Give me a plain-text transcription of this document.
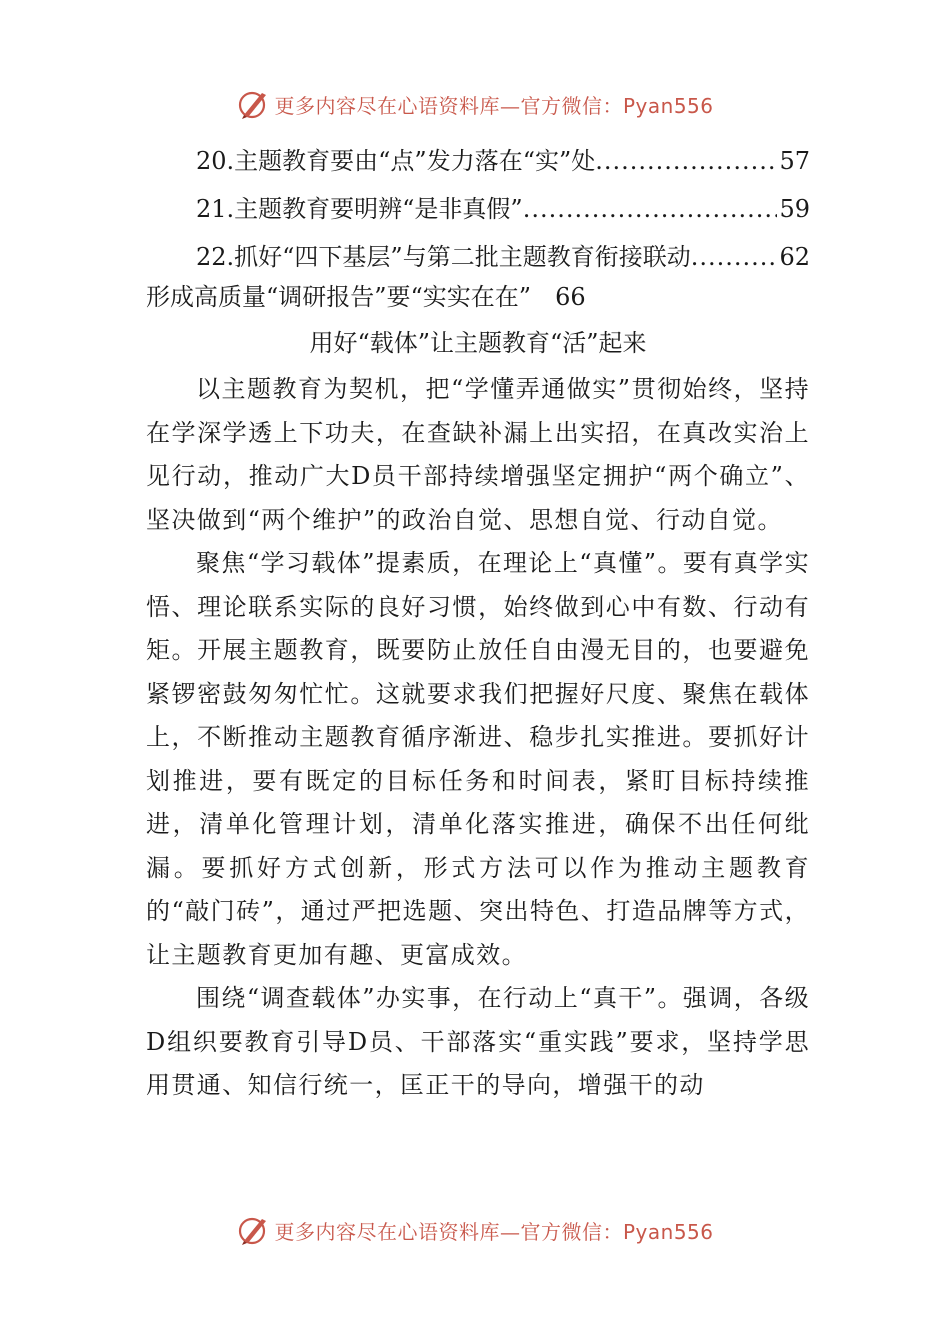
更多内容尽在心语资料库—官方微信：Pyan556
20.主题教育要由“点”发力落在“实”处 .....	57
21.主题教育要明辨“是非真假” .....	59
22.抓好“四下基层”与第二批主题教育衔接联动 .....	62
形成高质量“调研报告”要“实实在在”　66
用好“载体”让主题教育“活”起来

以主题教育为契机，把“学懂弄通做实”贯彻始终，坚持在学深学透上下功夫，在查缺补漏上出实招，在真改实治上见行动，推动广大D员干部持续增强坚定拥护“两个确立”、坚决做到“两个维护”的政治自觉、思想自觉、行动自觉。

聚焦“学习载体”提素质，在理论上“真懂”。要有真学实悟、理论联系实际的良好习惯，始终做到心中有数、行动有矩。开展主题教育，既要防止放任自由漫无目的，也要避免紧锣密鼓匆匆忙忙。这就要求我们把握好尺度、聚焦在载体上，不断推动主题教育循序渐进、稳步扎实推进。要抓好计划推进，要有既定的目标任务和时间表，紧盯目标持续推进，清单化管理计划，清单化落实推进，确保不出任何纰漏。要抓好方式创新，形式方法可以作为推动主题教育的“敲门砖”，通过严把选题、突出特色、打造品牌等方式，让主题教育更加有趣、更富成效。

围绕“调查载体”办实事，在行动上“真干”。强调，各级D组织要教育引导D员、干部落实“重实践”要求，坚持学思用贯通、知信行统一，匡正干的导向，增强干的动

更多内容尽在心语资料库—官方微信：Pyan556
